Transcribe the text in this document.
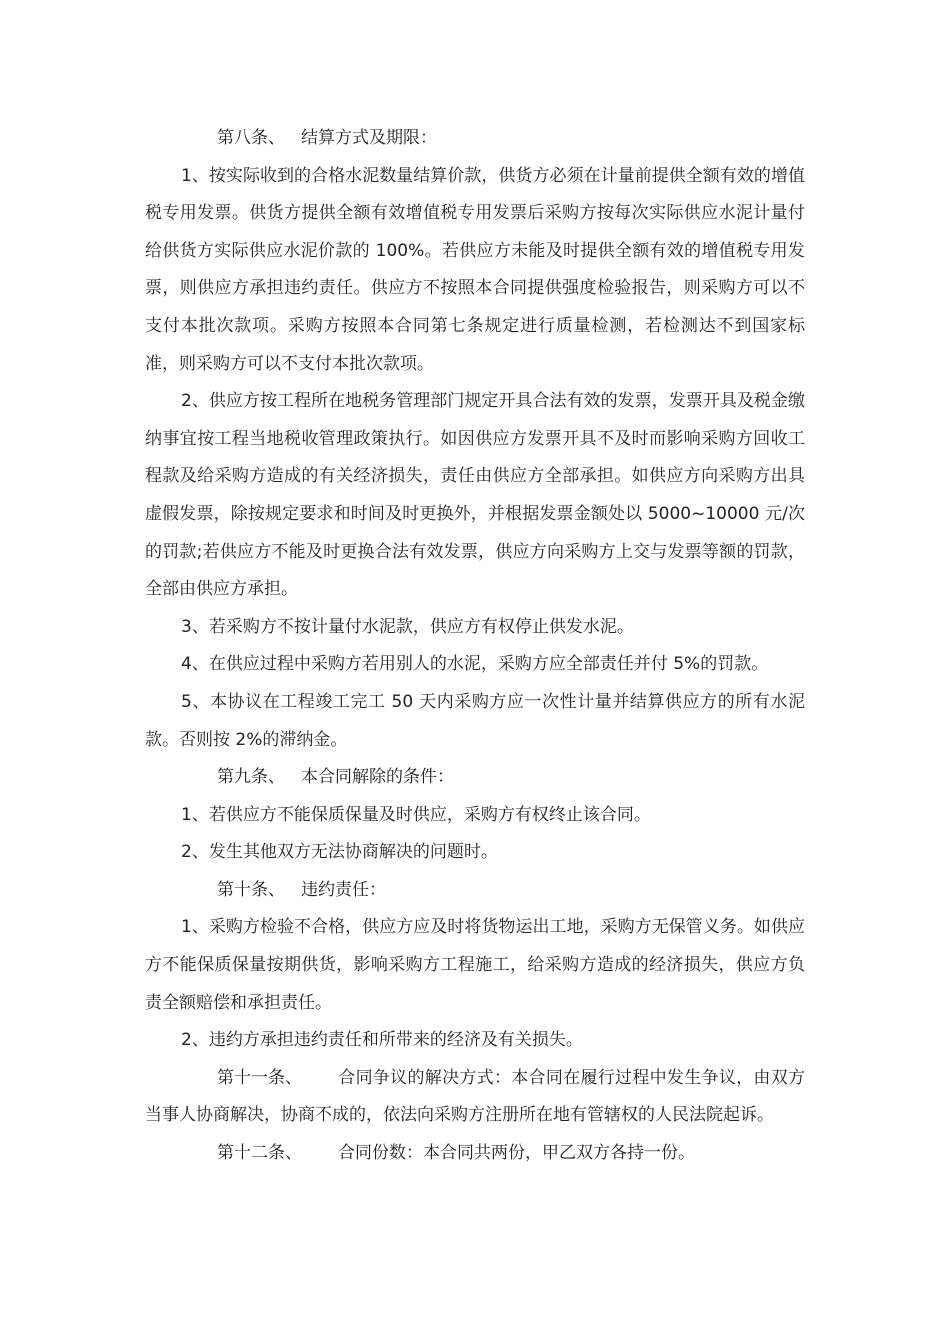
第八条、 结算方式及期限：

1、按实际收到的合格水泥数量结算价款，供货方必须在计量前提供全额有效的增值税专用发票。供货方提供全额有效增值税专用发票后采购方按每次实际供应水泥计量付给供货方实际供应水泥价款的 100%。若供应方未能及时提供全额有效的增值税专用发票，则供应方承担违约责任。供应方不按照本合同提供强度检验报告，则采购方可以不支付本批次款项。采购方按照本合同第七条规定进行质量检测，若检测达不到国家标准，则采购方可以不支付本批次款项。

2、供应方按工程所在地税务管理部门规定开具合法有效的发票，发票开具及税金缴纳事宜按工程当地税收管理政策执行。如因供应方发票开具不及时而影响采购方回收工程款及给采购方造成的有关经济损失，责任由供应方全部承担。如供应方向采购方出具虚假发票，除按规定要求和时间及时更换外，并根据发票金额处以 5000~10000 元/次的罚款;若供应方不能及时更换合法有效发票，供应方向采购方上交与发票等额的罚款，全部由供应方承担。

3、若采购方不按计量付水泥款，供应方有权停止供发水泥。

4、在供应过程中采购方若用别人的水泥，采购方应全部责任并付 5%的罚款。

5、本协议在工程竣工完工 50 天内采购方应一次性计量并结算供应方的所有水泥款。否则按 2%的滞纳金。

第九条、 本合同解除的条件：

1、若供应方不能保质保量及时供应，采购方有权终止该合同。

2、发生其他双方无法协商解决的问题时。

第十条、 违约责任：

1、采购方检验不合格，供应方应及时将货物运出工地，采购方无保管义务。如供应方不能保质保量按期供货，影响采购方工程施工，给采购方造成的经济损失，供应方负责全额赔偿和承担责任。

2、违约方承担违约责任和所带来的经济及有关损失。

第十一条、 合同争议的解决方式：本合同在履行过程中发生争议，由双方当事人协商解决，协商不成的，依法向采购方注册所在地有管辖权的人民法院起诉。

第十二条、 合同份数：本合同共两份，甲乙双方各持一份。
